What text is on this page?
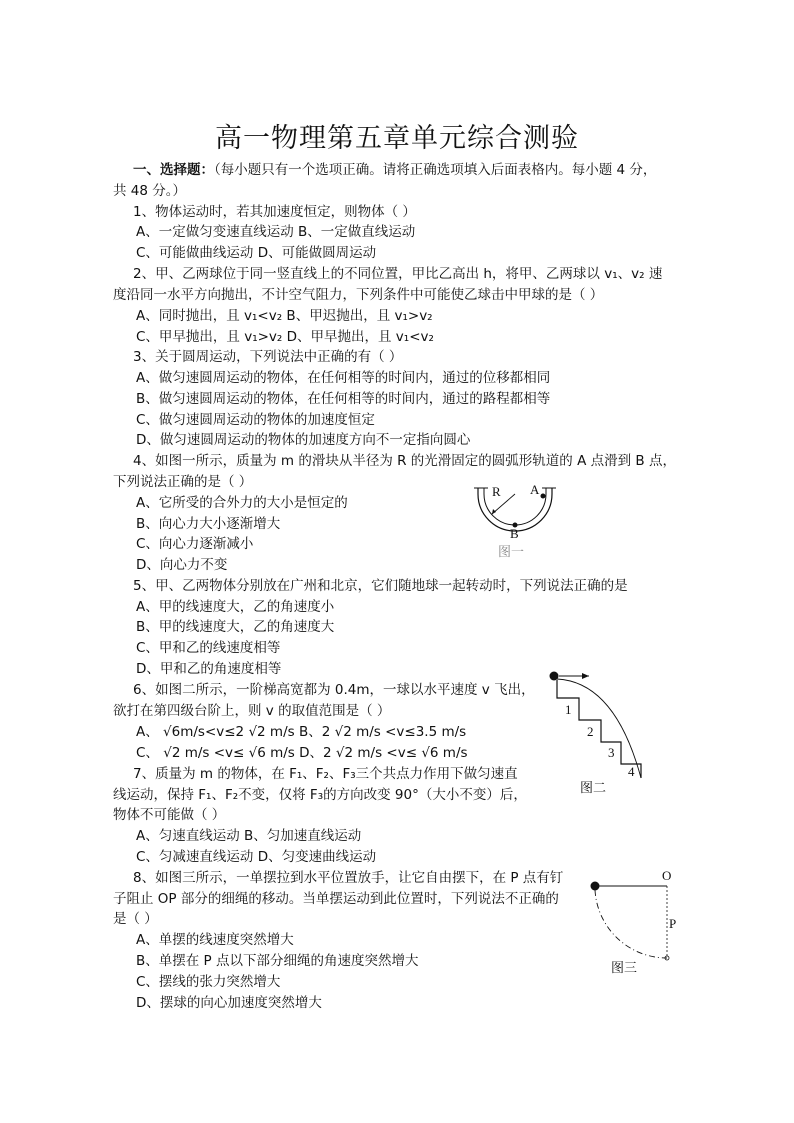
高一物理第五章单元综合测验
一、选择题：（每小题只有一个选项正确。请将正确选项填入后面表格内。每小题 4 分，
共 48 分。）
1、物体运动时，若其加速度恒定，则物体（ ）
A、一定做匀变速直线运动 B、一定做直线运动
C、可能做曲线运动 D、可能做圆周运动
2、甲、乙两球位于同一竖直线上的不同位置，甲比乙高出 h，将甲、乙两球以 v₁、v₂ 速
度沿同一水平方向抛出，不计空气阻力，下列条件中可能使乙球击中甲球的是（ ）
A、同时抛出，且 v₁<v₂ B、甲迟抛出，且 v₁>v₂
C、甲早抛出，且 v₁>v₂ D、甲早抛出，且 v₁<v₂
3、关于圆周运动，下列说法中正确的有（ ）
A、做匀速圆周运动的物体，在任何相等的时间内，通过的位移都相同
B、做匀速圆周运动的物体，在任何相等的时间内，通过的路程都相等
C、做匀速圆周运动的物体的加速度恒定
D、做匀速圆周运动的物体的加速度方向不一定指向圆心
4、如图一所示，质量为 m 的滑块从半径为 R 的光滑固定的圆弧形轨道的 A 点滑到 B 点，
下列说法正确的是（ ）
A、它所受的合外力的大小是恒定的
B、向心力大小逐渐增大
C、向心力逐渐减小
D、向心力不变
R A
B
图一
5、甲、乙两物体分别放在广州和北京，它们随地球一起转动时，下列说法正确的是
A、甲的线速度大，乙的角速度小
B、甲的线速度大，乙的角速度大
C、甲和乙的线速度相等
D、甲和乙的角速度相等
6、如图二所示，一阶梯高宽都为 0.4m，一球以水平速度 v 飞出，
欲打在第四级台阶上，则 v 的取值范围是（ ）
A、 √6m/s<v≤2 √2 m/s B、2 √2 m/s <v≤3.5 m/s
C、 √2 m/s <v≤ √6 m/s D、2 √2 m/s <v≤ √6 m/s
1
2
3
4
图二
7、质量为 m 的物体，在 F₁、F₂、F₃三个共点力作用下做匀速直
线运动，保持 F₁、F₂不变，仅将 F₃的方向改变 90°（大小不变）后，
物体不可能做（ ）
A、匀速直线运动 B、匀加速直线运动
C、匀减速直线运动 D、匀变速曲线运动
8、如图三所示，一单摆拉到水平位置放手，让它自由摆下，在 P 点有钉
子阻止 OP 部分的细绳的移动。当单摆运动到此位置时，下列说法不正确的
是（ ）
A、单摆的线速度突然增大
B、单摆在 P 点以下部分细绳的角速度突然增大
C、摆线的张力突然增大
D、摆球的向心加速度突然增大
O
P
图三
